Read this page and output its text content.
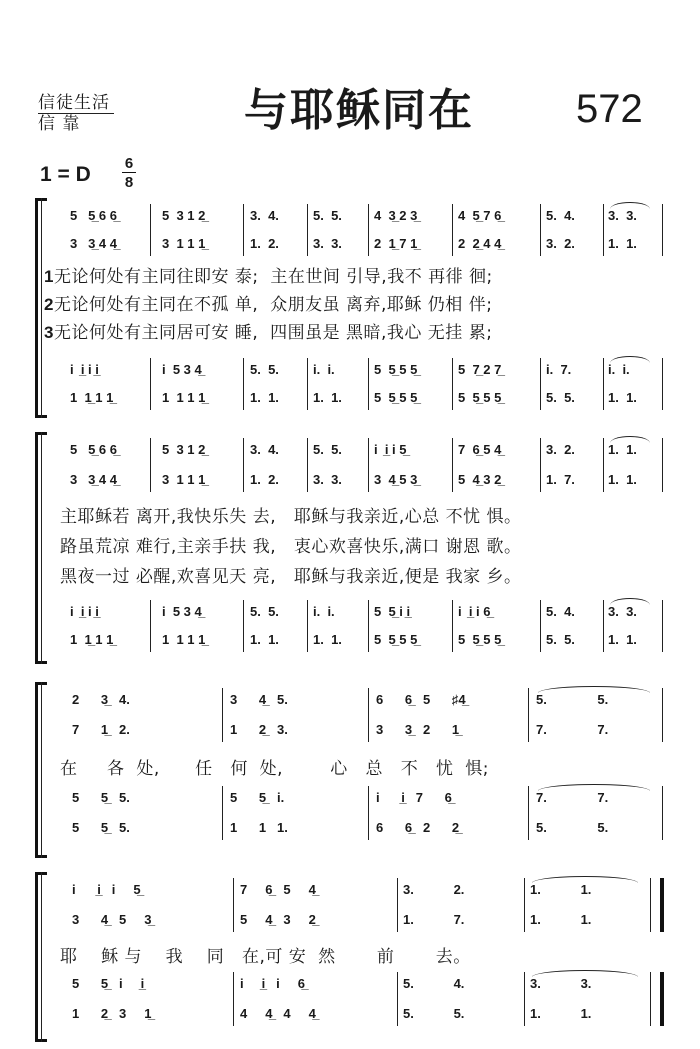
信徒生活
信 靠	与耶稣同在	572
1 = D 6
8
5   5̲ 6 6̲	5  3 1 2̲	3.  4.	5.  5. 4  3̲ 2 3̲	4  5̲ 7 6̲	5.  4.	3.  3.
3   3̲ 4 4̲	3  1 1 1̲	1.  2.	3.  3. 2  1̲ 7 1̲	2  2̲ 4 4̲	3.  2.	1.  1.
i  i̲ i i̲	i  5 3 4̲	5.  5.	i.  i.	5  5̲ 5 5̲	5  7̲ 2 7̲	i.  7.	i.  i.
1  1̲ 1 1̲	1  1 1 1̲	1.  1.	1.  1. 5  5̲ 5 5̲	5  5̲ 5 5̲	5.  5.	1.  1.
1无论何处有主同往即安 泰;  主在世间 引导,我不 再徘 徊;
2无论何处有主同在不孤 单,  众朋友虽 离弃,耶稣 仍相 伴;
3无论何处有主同居可安 睡,  四围虽是 黑暗,我心 无挂 累;
5   5̲ 6 6̲	5  3 1 2̲	3.  4.	5.  5. i  i̲ i 5̲	7  6̲ 5 4̲	3.  2.	1.  1.
3   3̲ 4 4̲	3  1 1 1̲	1.  2.	3.  3. 3  4̲ 5 3̲	5  4̲ 3 2̲	1.  7.	1.  1.
i  i̲ i i̲	i  5 3 4̲	5.  5.	i.  i.	5  5̲ i i̲	i  i̲ i 6̲	5.  4.	3.  3.
1  1̲ 1 1̲	1  1 1 1̲	1.  1.	1.  1. 5  5̲ 5 5̲	5  5̲ 5 5̲	5.  5.	1.  1.
主耶稣若 离开,我快乐失 去,   耶稣与我亲近,心总 不忧 惧。
路虽荒凉 难行,主亲手扶 我,   衷心欢喜快乐,满口 谢恩 歌。
黑夜一过 必醒,欢喜见天 亮,   耶稣与我亲近,便是 我家 乡。
2      3̲   4.	3      4̲   5.	6      6̲   5      ♯4̲	5.              5.
7      1̲   2.	1      2̲   3.	3      3̲   2      1̲	7.              7.
5      5̲   5.	5      5̲   i.	i      i̲   7      6̲	7.              7.
5      5̲   5.	1      1   1.	6      6̲   2      2̲	5.              5.
在     各  处,      任   何  处,        心   总   不   忧  惧;
i      i̲   i     5̲	7     6̲   5     4̲	3.           2.	1.           1.
3      4̲   5     3̲	5     4̲   3     2̲	1.           7.	1.           1.
5      5̲   i     i̲	i     i̲   i     6̲	5.           4.	3.           3.
1      2̲   3     1̲	4     4̲   4     4̲	5.           5.	1.           1.
耶    稣 与    我    同   在,可 安  然       前       去。
